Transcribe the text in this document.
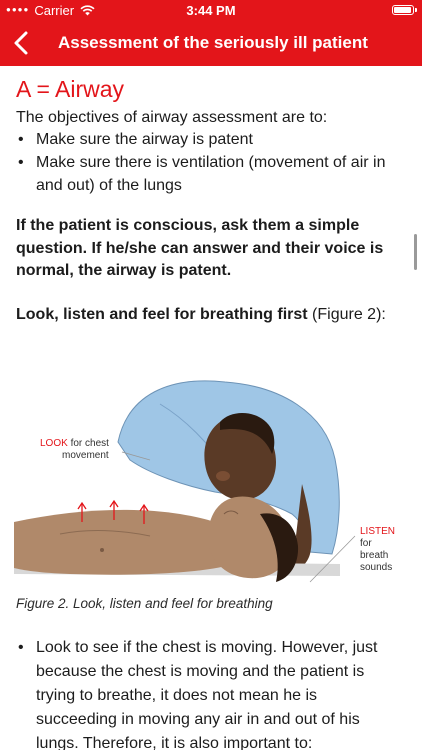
●●●● Carrier	3:44 PM
Assessment of the seriously ill patient
A = Airway

The objectives of airway assessment are to:

• Make sure the airway is patent
• Make sure there is ventilation (movement of air in and out) of the lungs

If the patient is conscious, ask them a simple question. If he/she can answer and their voice is normal, the airway is patent.

Look, listen and feel for breathing first (Figure 2):

LOOK for chest
movement
LISTEN
for
breath
sounds
Figure 2. Look, listen and feel for breathing
• Look to see if the chest is moving. However, just because the chest is moving and the patient is trying to breathe, it does not mean he is succeeding in moving any air in and out of his lungs. Therefore, it is also important to:
